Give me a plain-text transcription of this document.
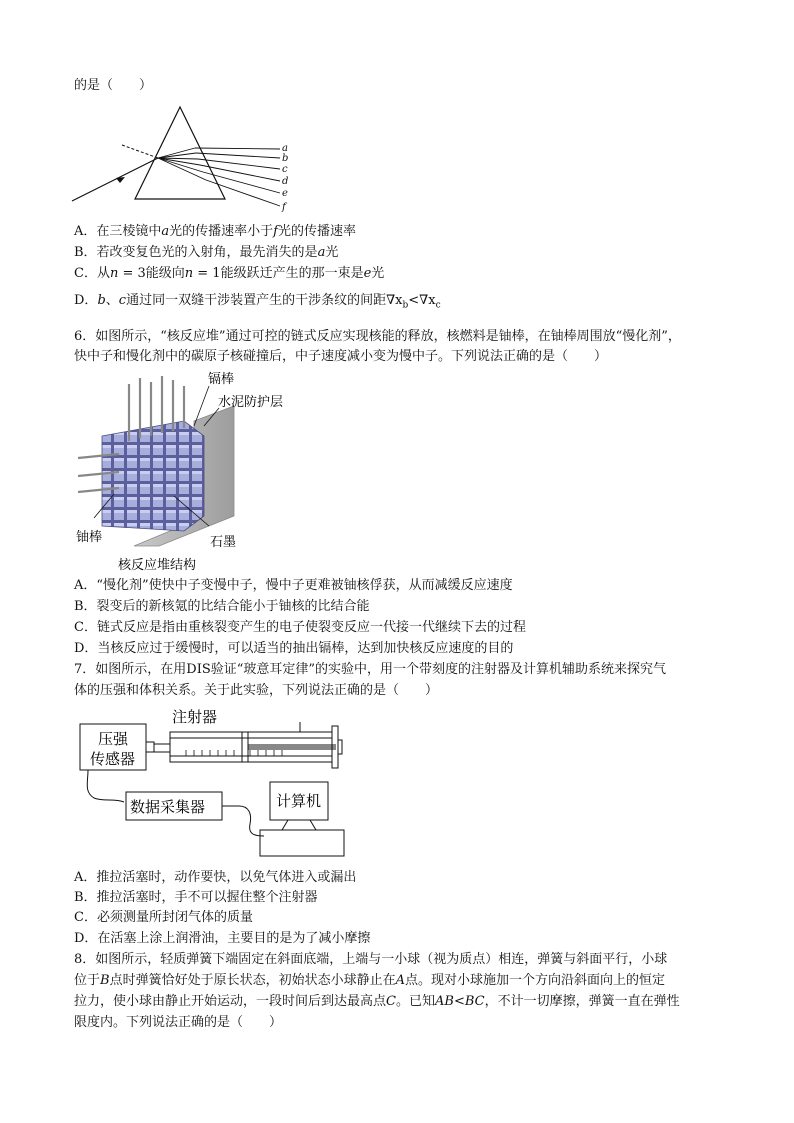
的是（　　）
a
b
c
d
e
f
A．在三棱镜中a光的传播速率小于f光的传播速率
B．若改变复色光的入射角，最先消失的是a光
C．从n = 3能级向n = 1能级跃迁产生的那一束是e光
D．b、c通过同一双缝干涉装置产生的干涉条纹的间距$\nabla x_b<\nabla x_c$
6．如图所示，“核反应堆”通过可控的链式反应实现核能的释放，核燃料是铀棒，在铀棒周围放“慢化剂”，
快中子和慢化剂中的碳原子核碰撞后，中子速度减小变为慢中子。下列说法正确的是（　　）
镉棒
水泥防护层
铀棒	石墨
核反应堆结构
A．“慢化剂”使快中子变慢中子，慢中子更难被铀核俘获，从而减缓反应速度
B．裂变后的新核氪的比结合能小于铀核的比结合能
C．链式反应是指由重核裂变产生的电子使裂变反应一代接一代继续下去的过程
D．当核反应过于缓慢时，可以适当的抽出镉棒，达到加快核反应速度的目的
7．如图所示，在用DIS验证“玻意耳定律”的实验中，用一个带刻度的注射器及计算机辅助系统来探究气
体的压强和体积关系。关于此实验，下列说法正确的是（　　）
注射器
压强
传感器
数据采集器	计算机
A．推拉活塞时，动作要快，以免气体进入或漏出
B．推拉活塞时，手不可以握住整个注射器
C．必须测量所封闭气体的质量
D．在活塞上涂上润滑油，主要目的是为了减小摩擦
8．如图所示，轻质弹簧下端固定在斜面底端，上端与一小球（视为质点）相连，弹簧与斜面平行，小球
位于B点时弹簧恰好处于原长状态，初始状态小球静止在A点。现对小球施加一个方向沿斜面向上的恒定
拉力，使小球由静止开始运动，一段时间后到达最高点C。已知AB<BC，不计一切摩擦，弹簧一直在弹性
限度内。下列说法正确的是（　　）
